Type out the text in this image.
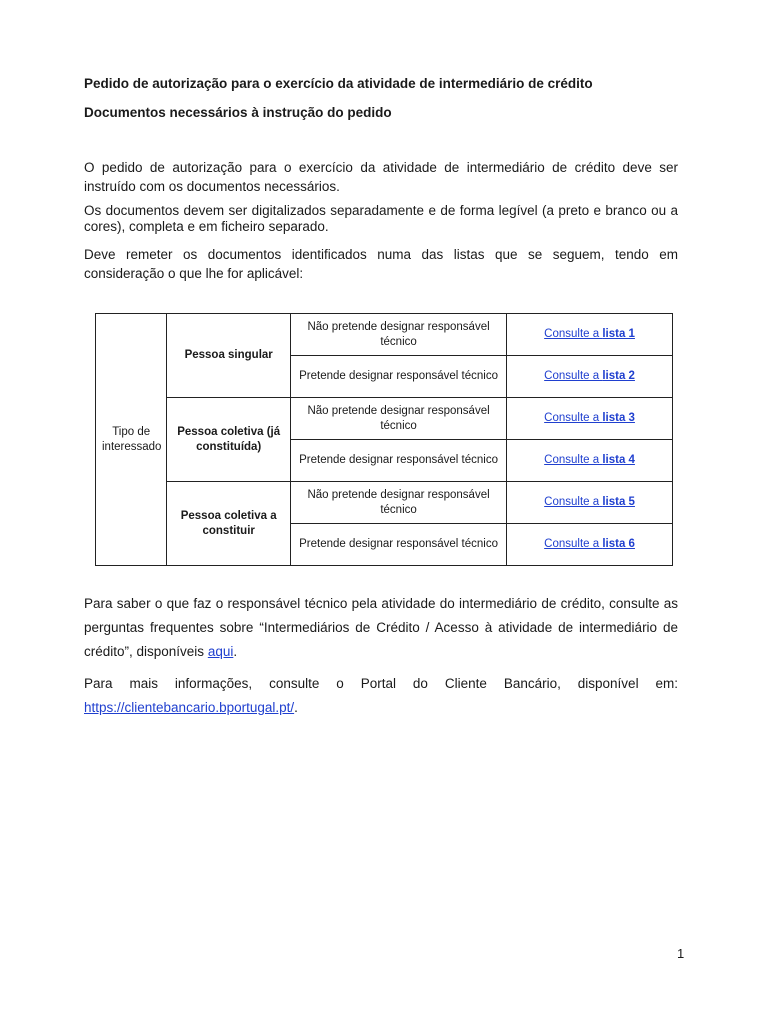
Pedido de autorização para o exercício da atividade de intermediário de crédito
Documentos necessários à instrução do pedido

O pedido de autorização para o exercício da atividade de intermediário de crédito deve ser instruído com os documentos necessários.

Os documentos devem ser digitalizados separadamente e de forma legível (a preto e branco ou a cores), completa e em ficheiro separado.

Deve remeter os documentos identificados numa das listas que se seguem, tendo em consideração o que lhe for aplicável:

Para saber o que faz o responsável técnico pela atividade do intermediário de crédito, consulte as perguntas frequentes sobre “Intermediários de Crédito / Acesso à atividade de intermediário de crédito”, disponíveis aqui.

Para mais informações, consulte o Portal do Cliente Bancário, disponível em: https://clientebancario.bportugal.pt/.

Tipo de interessado	Pessoa singular	Não pretende designar responsável técnico	Consulte a lista 1
		Pretende designar responsável técnico	Consulte a lista 2
	Pessoa coletiva (já constituída)	Não pretende designar responsável técnico	Consulte a lista 3
		Pretende designar responsável técnico	Consulte a lista 4
	Pessoa coletiva a constituir	Não pretende designar responsável técnico	Consulte a lista 5
		Pretende designar responsável técnico	Consulte a lista 6
1
